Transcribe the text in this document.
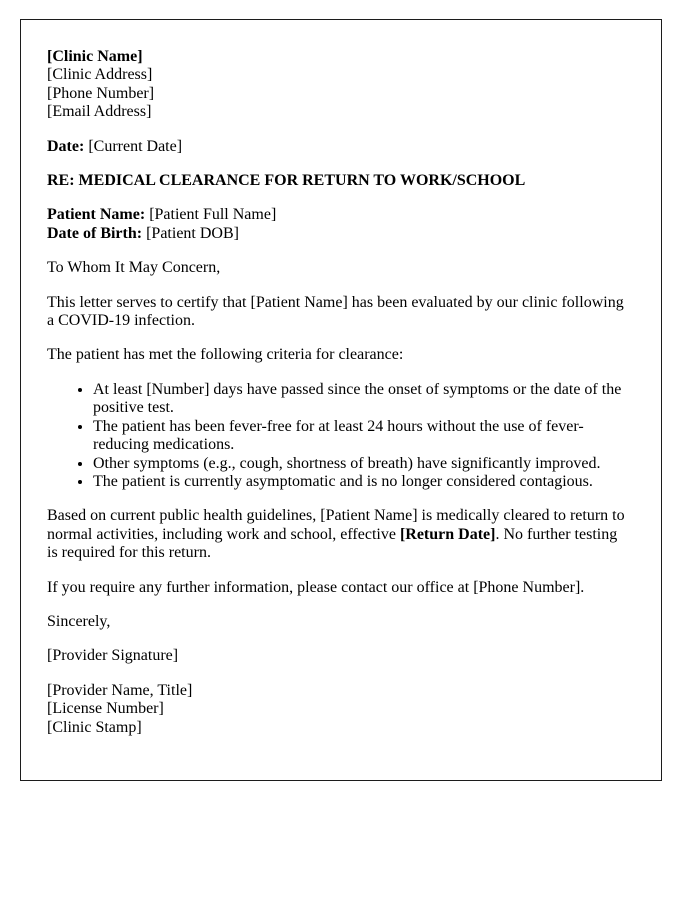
[Clinic Name]
[Clinic Address]
[Phone Number]
[Email Address]

Date: [Current Date]

RE: MEDICAL CLEARANCE FOR RETURN TO WORK/SCHOOL

Patient Name: [Patient Full Name]
Date of Birth: [Patient DOB]

To Whom It May Concern,

This letter serves to certify that [Patient Name] has been evaluated by our clinic following a COVID-19 infection.

The patient has met the following criteria for clearance:

• At least [Number] days have passed since the onset of symptoms or the date of the positive test.
• The patient has been fever-free for at least 24 hours without the use of fever-reducing medications.
• Other symptoms (e.g., cough, shortness of breath) have significantly improved.
• The patient is currently asymptomatic and is no longer considered contagious.

Based on current public health guidelines, [Patient Name] is medically cleared to return to normal activities, including work and school, effective [Return Date]. No further testing is required for this return.

If you require any further information, please contact our office at [Phone Number].

Sincerely,

[Provider Signature]

[Provider Name, Title]
[License Number]
[Clinic Stamp]
